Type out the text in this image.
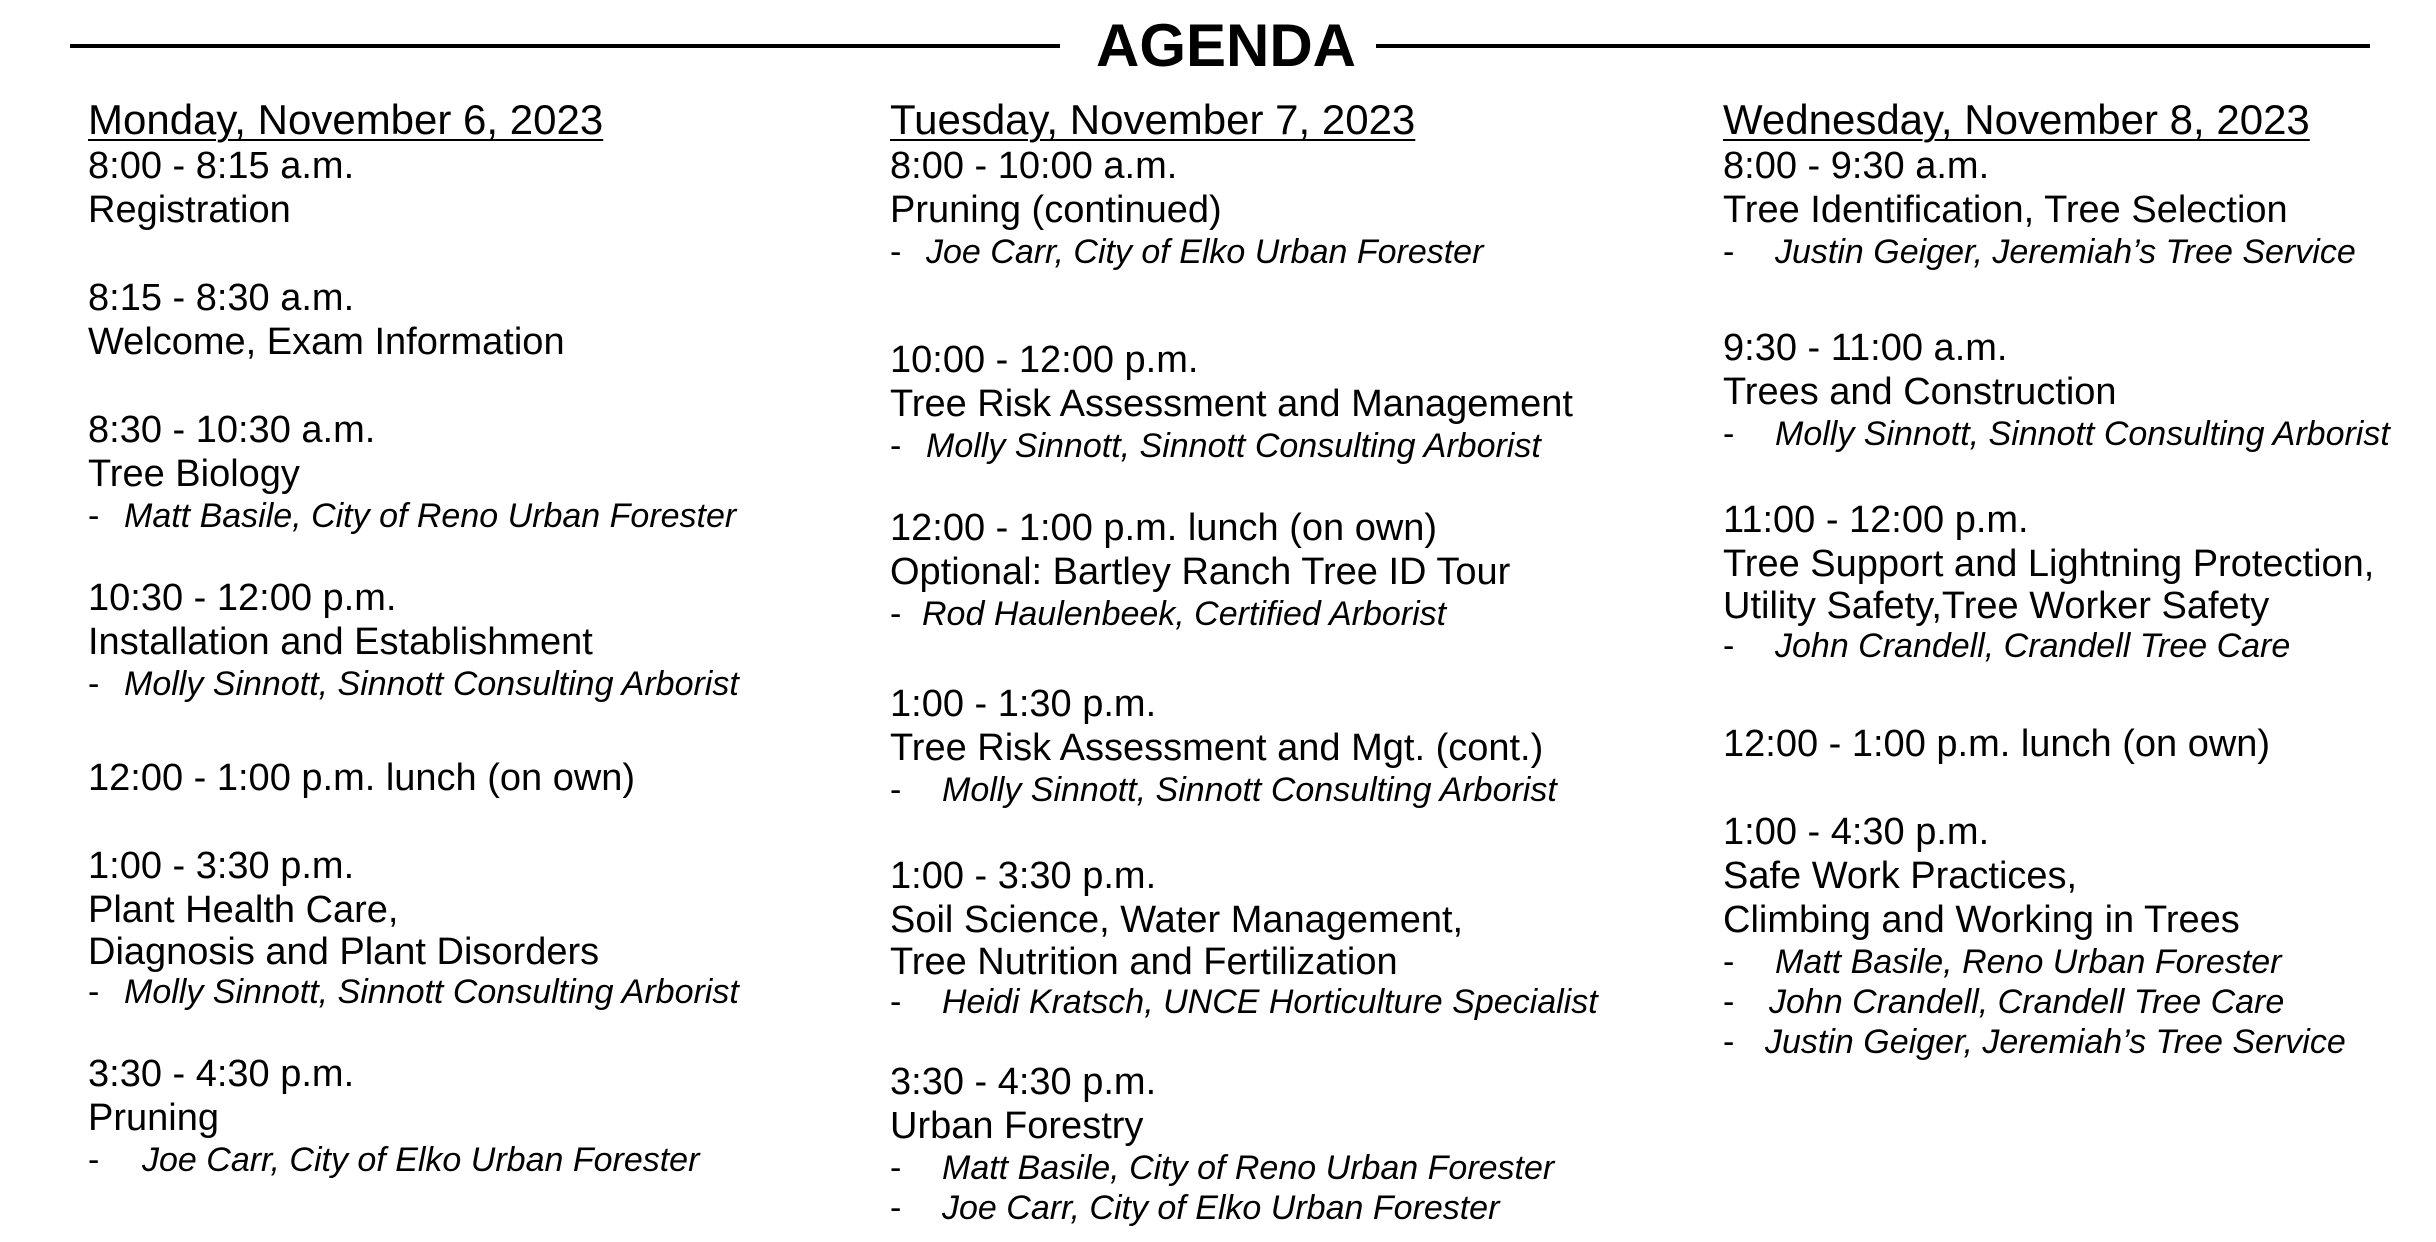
AGENDA
Monday, November 6, 2023
8:00 - 8:15 a.m.
Registration
8:15 - 8:30 a.m.
Welcome, Exam Information
8:30 - 10:30 a.m.
Tree Biology
- Matt Basile, City of Reno Urban Forester
10:30 - 12:00 p.m.
Installation and Establishment
- Molly Sinnott, Sinnott Consulting Arborist
12:00 - 1:00 p.m. lunch (on own)
1:00 - 3:30 p.m.
Plant Health Care,
Diagnosis and Plant Disorders
- Molly Sinnott, Sinnott Consulting Arborist
3:30 - 4:30 p.m.
Pruning
- Joe Carr, City of Elko Urban Forester
Tuesday, November 7, 2023
8:00 - 10:00 a.m.
Pruning (continued)
- Joe Carr, City of Elko Urban Forester
10:00 - 12:00 p.m.
Tree Risk Assessment and Management
- Molly Sinnott, Sinnott Consulting Arborist
12:00 - 1:00 p.m. lunch (on own)
Optional: Bartley Ranch Tree ID Tour
- Rod Haulenbeek, Certified Arborist
1:00 - 1:30 p.m.
Tree Risk Assessment and Mgt. (cont.)
- Molly Sinnott, Sinnott Consulting Arborist
1:00 - 3:30 p.m.
Soil Science, Water Management,
Tree Nutrition and Fertilization
- Heidi Kratsch, UNCE Horticulture Specialist
3:30 - 4:30 p.m.
Urban Forestry
- Matt Basile, City of Reno Urban Forester
- Joe Carr, City of Elko Urban Forester
Wednesday, November 8, 2023
8:00 - 9:30 a.m.
Tree Identification, Tree Selection
- Justin Geiger, Jeremiah’s Tree Service
9:30 - 11:00 a.m.
Trees and Construction
- Molly Sinnott, Sinnott Consulting Arborist
11:00 - 12:00 p.m.
Tree Support and Lightning Protection,
Utility Safety,Tree Worker Safety
- John Crandell, Crandell Tree Care
12:00 - 1:00 p.m. lunch (on own)
1:00 - 4:30 p.m.
Safe Work Practices,
Climbing and Working in Trees
- Matt Basile, Reno Urban Forester
- John Crandell, Crandell Tree Care
- Justin Geiger, Jeremiah’s Tree Service
